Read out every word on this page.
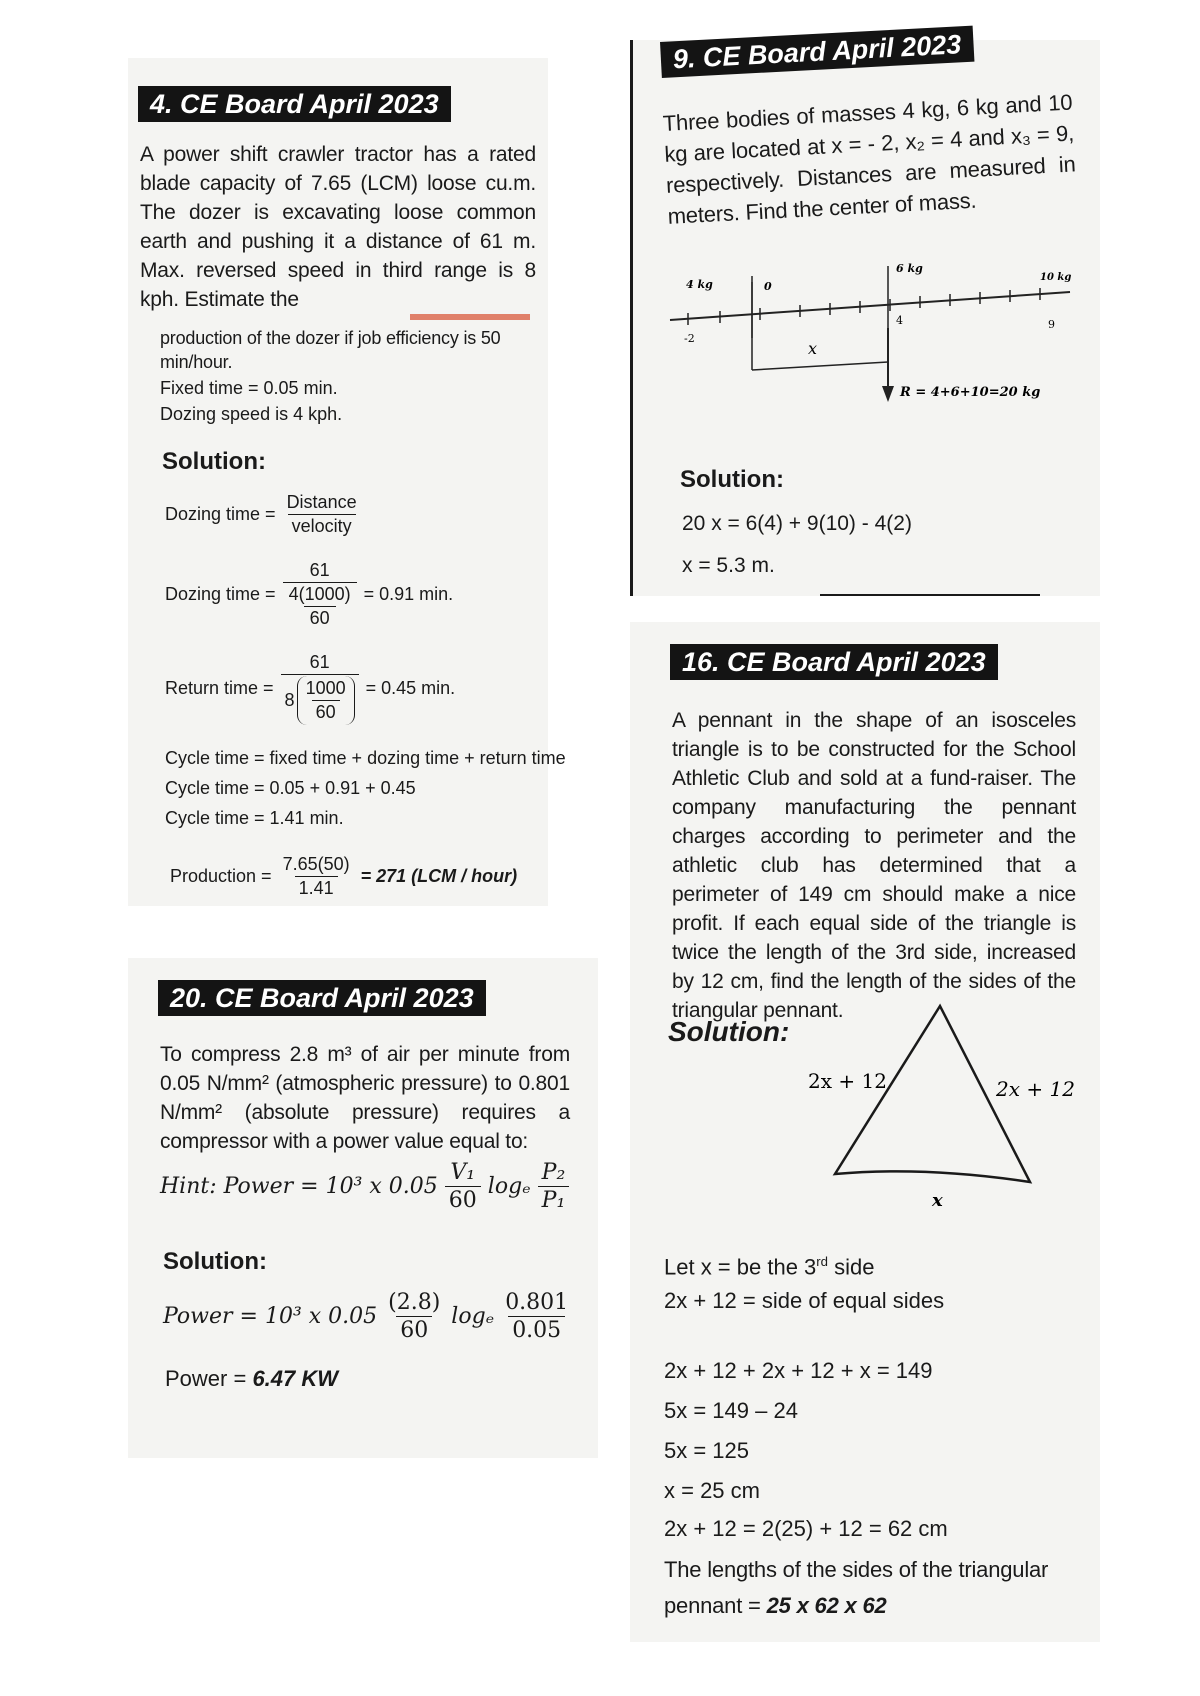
4. CE Board April 2023
A power shift crawler tractor has a rated blade capacity of 7.65 (LCM) loose cu.m. The dozer is excavating loose common earth and pushing it a distance of 61 m. Max. reversed speed in third range is 8 kph. Estimate the
production of the dozer if job efficiency is 50 min/hour.
Fixed time = 0.05 min.
Dozing speed is 4 kph.
Solution:
Dozing time = $\frac{\text{Distance}}{\text{velocity}}$
Dozing time = $\frac{61}{\frac{4(1000)}{60}} = 0.91$ min.
Return time = $\frac{61}{8 \frac{1000}{60}} = 0.45$ min.
Cycle time = fixed time + dozing time + return time
Cycle time = 0.05 + 0.91 + 0.45
Cycle time = 1.41 min.
Production = $\frac{7.65(50)}{1.41} = 271$ (LCM / hour)
20. CE Board April 2023
To compress 2.8 m³ of air per minute from 0.05 N/mm² (atmospheric pressure) to 0.801 N/mm² (absolute pressure) requires a compressor with a power value equal to:
Hint: Power = 10³ x $0.05 \frac{\text{V₁}}{60}$ logₑ $\frac{\text{P₂}}{\text{P₁}}$
Solution:
Power = 10³ x $0.05 \frac{(2.8)}{60}$ logₑ $\frac{0.801}{0.05}$
Power = 6.47 KW
9. CE Board April 2023
Three bodies of masses 4 kg, 6 kg and 10 kg are located at x = - 2, x₂ = 4 and x₃ = 9, respectively. Distances are measured in meters. Find the center of mass.
4 kg
6 kg
10 kg
-2
0
4	9
x
R = 4+6+10=20 kg
Solution:
20 x = 6(4) + 9(10) - 4(2)
x = 5.3 m.
16. CE Board April 2023
A pennant in the shape of an isosceles triangle is to be constructed for the School Athletic Club and sold at a fund-raiser. The company manufacturing the pennant charges according to perimeter and the athletic club has determined that a perimeter of 149 cm should make a nice profit. If each equal side of the triangle is twice the length of the 3rd side, increased by 12 cm, find the length of the sides of the triangular pennant.
Solution:
2x + 12	2x + 12
x
Let x = be the 3rd side
2x + 12 = side of equal sides
2x + 12 + 2x + 12 + x = 149
5x = 149 – 24
5x = 125
x = 25 cm
2x + 12 = 2(25) + 12 = 62 cm
The lengths of the sides of the triangular pennant = 25 x 62 x 62
